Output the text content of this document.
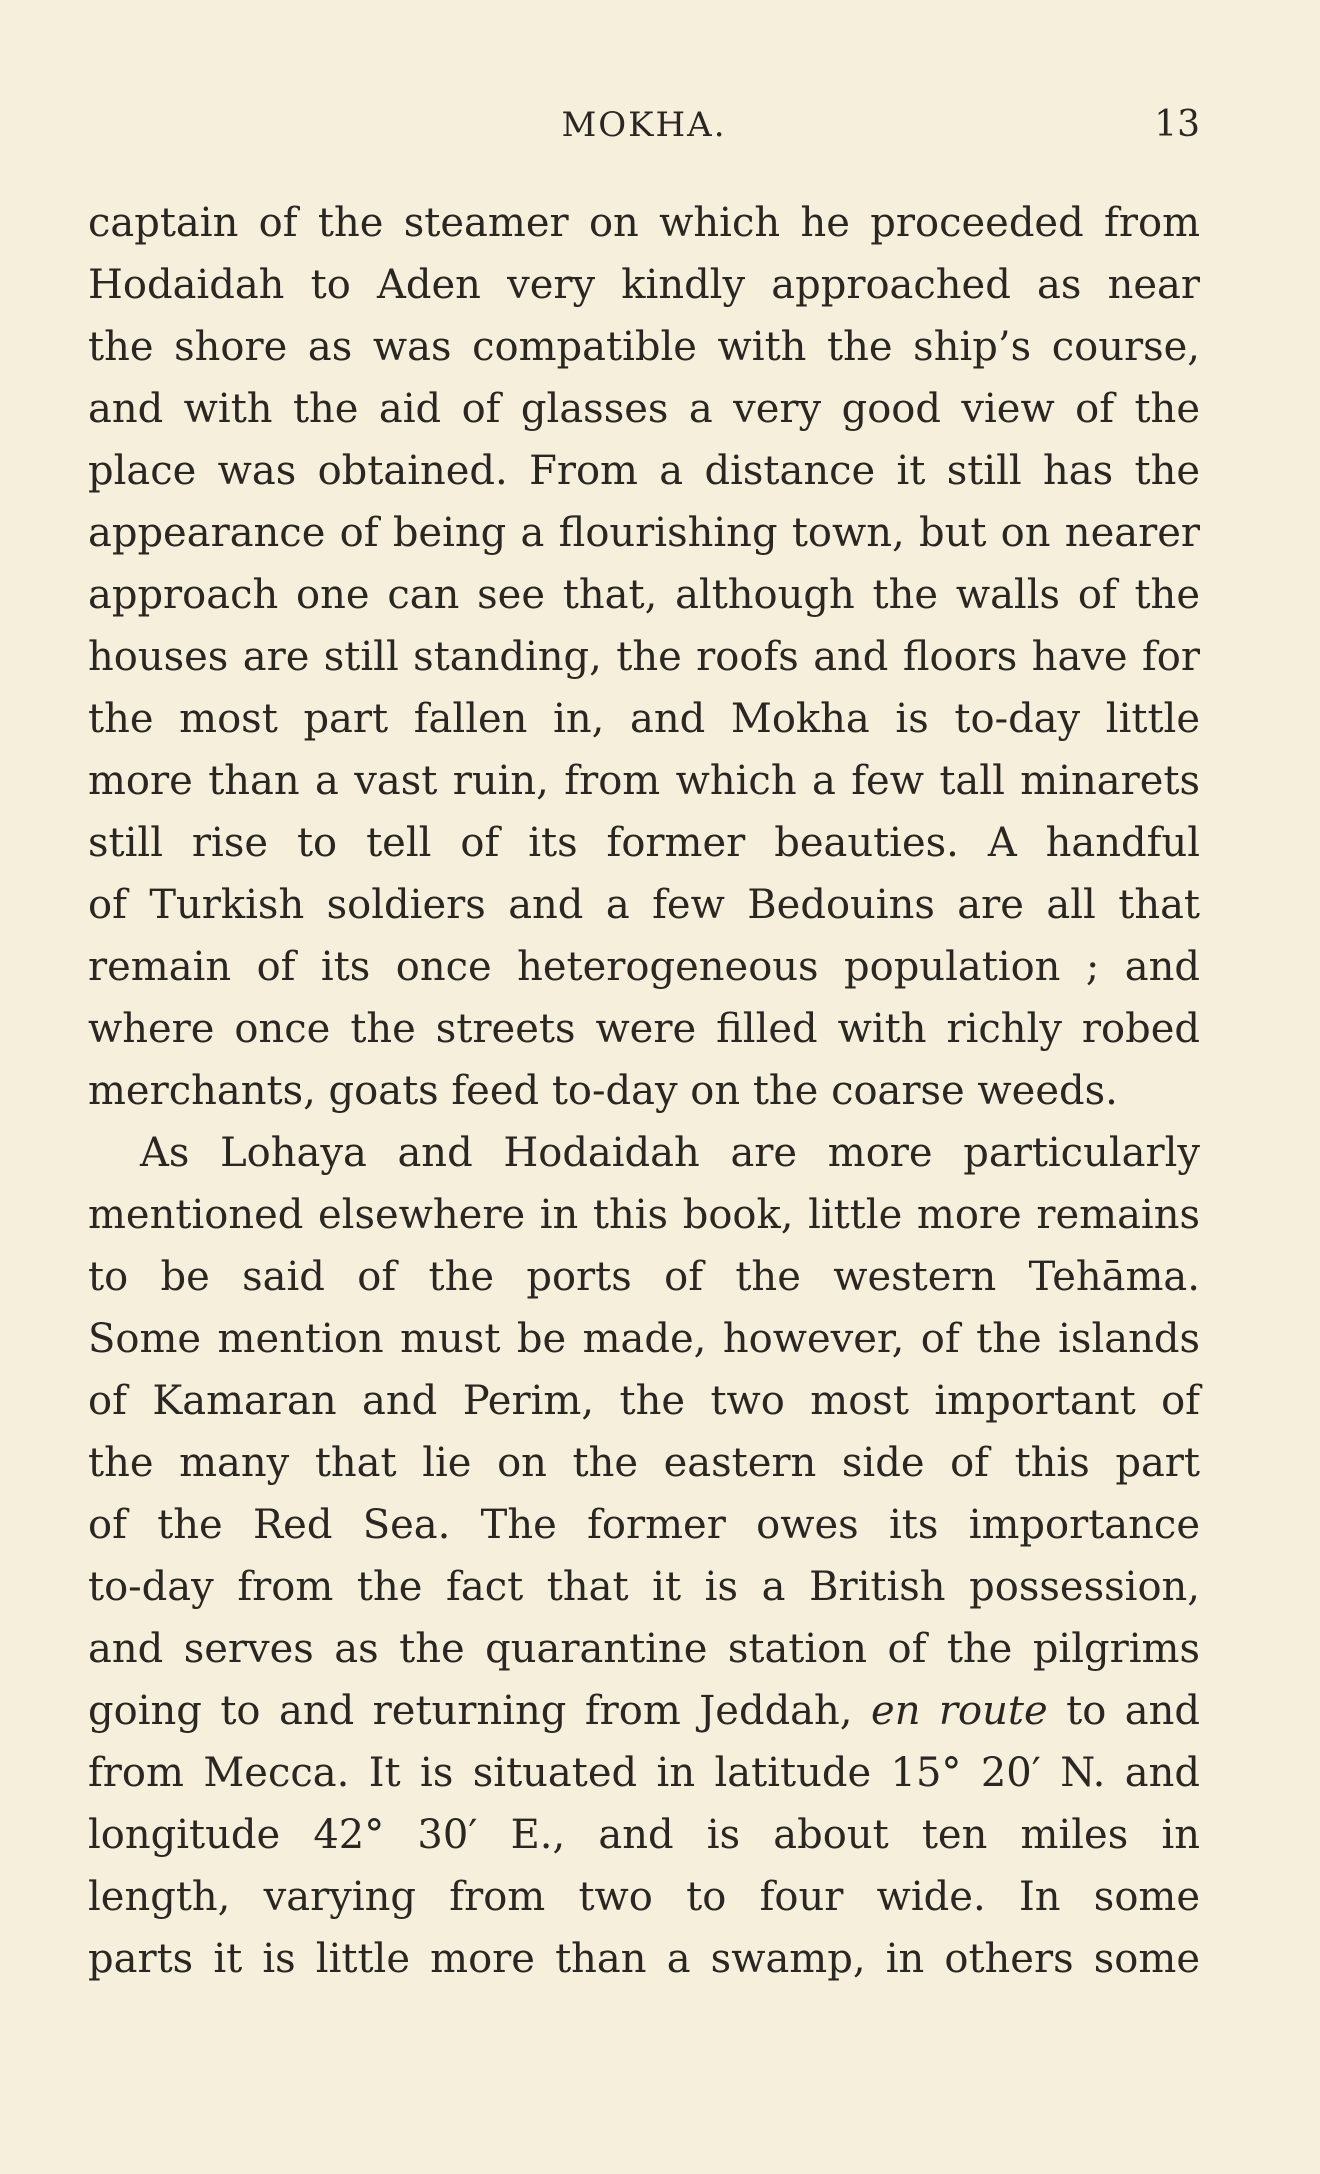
MOKHA.	13
captain of the steamer on which he proceeded from
Hodaidah to Aden very kindly approached as near
the shore as was compatible with the ship’s course,
and with the aid of glasses a very good view of the
place was obtained. From a distance it still has the
appearance of being a flourishing town, but on nearer
approach one can see that, although the walls of the
houses are still standing, the roofs and floors have for
the most part fallen in, and Mokha is to-day little
more than a vast ruin, from which a few tall minarets
still rise to tell of its former beauties. A handful
of Turkish soldiers and a few Bedouins are all that
remain of its once heterogeneous population ; and
where once the streets were filled with richly robed
merchants, goats feed to-day on the coarse weeds.
As Lohaya and Hodaidah are more particularly
mentioned elsewhere in this book, little more remains
to be said of the ports of the western Tehāma.
Some mention must be made, however, of the islands
of Kamaran and Perim, the two most important of
the many that lie on the eastern side of this part
of the Red Sea. The former owes its importance
to-day from the fact that it is a British possession,
and serves as the quarantine station of the pilgrims
going to and returning from Jeddah, en route to and
from Mecca. It is situated in latitude 15° 20′ N. and
longitude 42° 30′ E., and is about ten miles in
length, varying from two to four wide. In some
parts it is little more than a swamp, in others some
